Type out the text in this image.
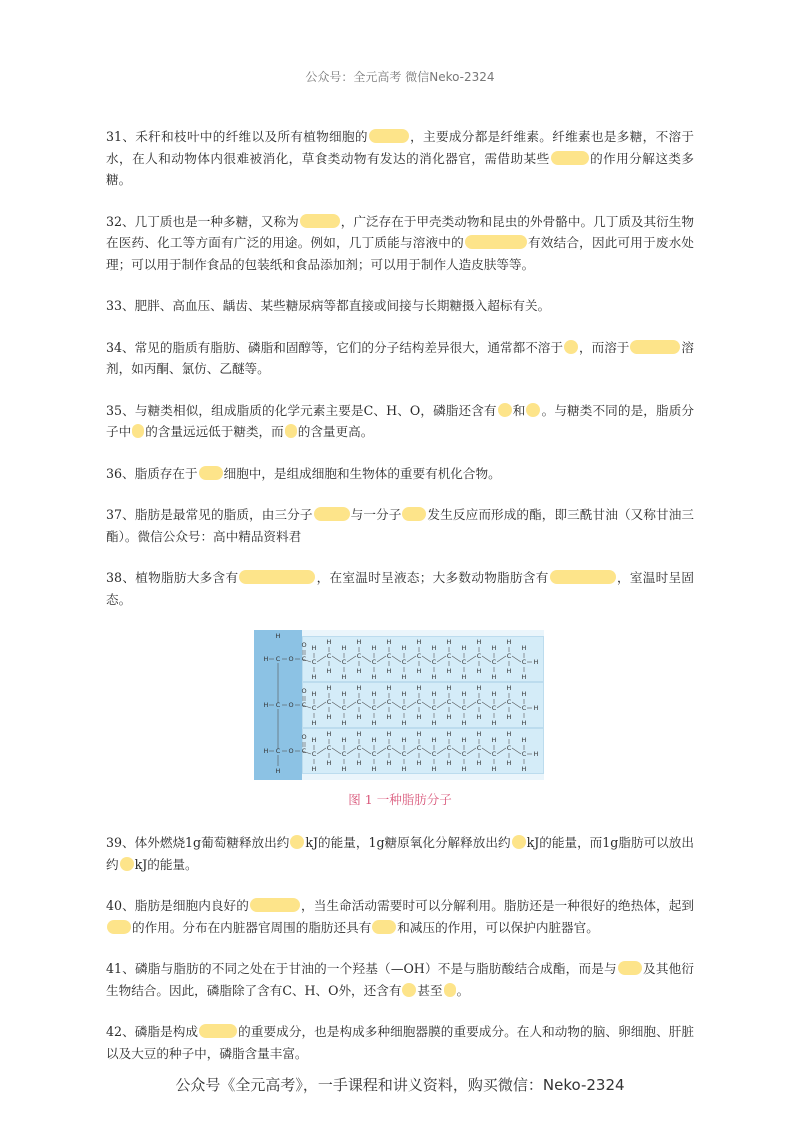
公众号：全元高考 微信Neko-2324
31、禾秆和枝叶中的纤维以及所有植物细胞的	，主要成分都是纤维素。纤维素也是多糖，不溶于水，在人和动物体内很难被消化，草食类动物有发达的消化器官，需借助某些	的作用分解这类多糖。
32、几丁质也是一种多糖，又称为	，广泛存在于甲壳类动物和昆虫的外骨骼中。几丁质及其衍生物在医药、化工等方面有广泛的用途。例如，几丁质能与溶液中的	有效结合，因此可用于废水处理；可以用于制作食品的包装纸和食品添加剂；可以用于制作人造皮肤等等。
33、肥胖、高血压、龋齿、某些糖尿病等都直接或间接与长期糖摄入超标有关。
34、常见的脂质有脂肪、磷脂和固醇等，它们的分子结构差异很大，通常都不溶于 ，而溶于	溶剂，如丙酮、氯仿、乙醚等。
35、与糖类相似，组成脂质的化学元素主要是C、H、O，磷脂还含有 和 。与糖类不同的是，脂质分子中 的含量远远低于糖类，而 的含量更高。
36、脂质存在于 细胞中，是组成细胞和生物体的重要有机化合物。
37、脂肪是最常见的脂质，由三分子	与一分子 发生反应而形成的酯，即三酰甘油（又称甘油三酯）。微信公众号：高中精品资料君
38、植物脂肪大多含有	，在室温时呈液态；大多数动物脂肪含有	，室温时呈固态。
H
C
H	O C
O
C
H
H
C
H
H
C
H
H
C
H
H
C
H
H
C
H
H
C
H
H
C
H
H
C
H
H
C
H
H
C
H
H
C
H
H
C
H
H
C
H
H
C
H
H
H
C
H	O C
O
C
H
H
C
H
H
C
H
H
C
H
H
C
H
H
C
H
H
C
H
H
C
H
H
C
H
H
C
H
H
C
H
H
C
H
H
C
H
H
C
H
H
C
H
H
H
C
H	O C
O
C
H
H
C
H
H
C
H
H
C
H
H
C
H
H
C
H
H
C
H
H
C
H
H
C
H
H
C
H
H
C
H
H
C
H
H
C
H
H
C
H
H
C
H
H
H
H
图 1 一种脂肪分子
39、体外燃烧1g葡萄糖释放出约 kJ的能量，1g糖原氧化分解释放出约 kJ的能量，而1g脂肪可以放出约 kJ的能量。
40、脂肪是细胞内良好的	，当生命活动需要时可以分解利用。脂肪还是一种很好的绝热体，起到的作用。分布在内脏器官周围的脂肪还具有 和减压的作用，可以保护内脏器官。
41、磷脂与脂肪的不同之处在于甘油的一个羟基（—OH）不是与脂肪酸结合成酯，而是与 及其他衍生物结合。因此，磷脂除了含有C、H、O外，还含有 甚至 。
42、磷脂是构成	的重要成分，也是构成多种细胞器膜的重要成分。在人和动物的脑、卵细胞、肝脏以及大豆的种子中，磷脂含量丰富。
公众号《全元高考》，一手课程和讲义资料，购买微信：Neko-2324
